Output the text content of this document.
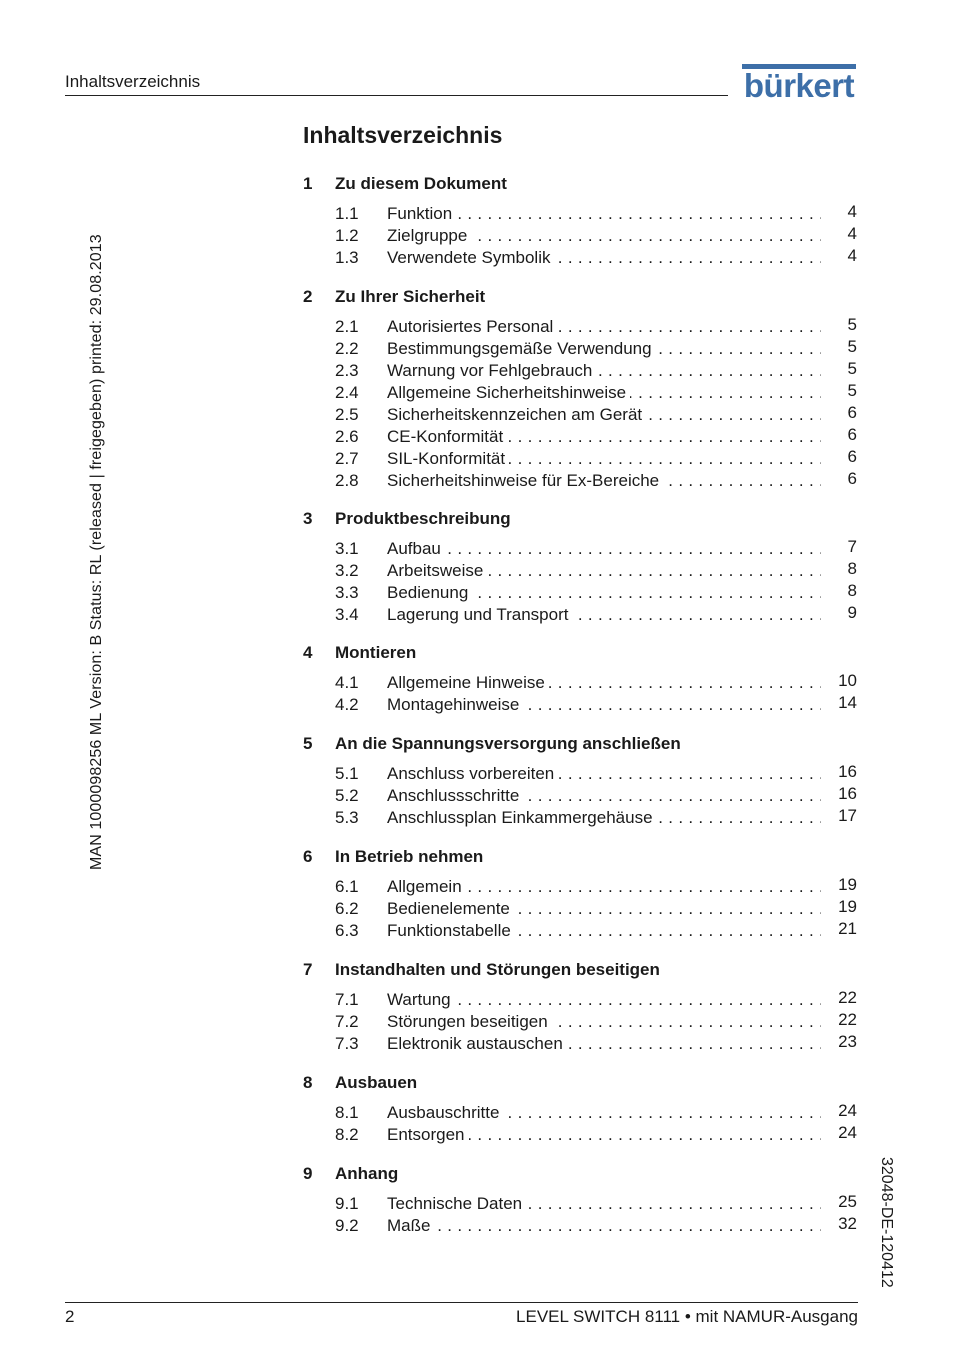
Inhaltsverzeichnis	bürkert
MAN 1000098256 ML Version: B Status: RL (released | freigegeben) printed: 29.08.2013
32048-DE-120412
Inhaltsverzeichnis
1 Zu diesem Dokument
1.1 Funktion . . .	4
1.2 Zielgruppe . . .	4
1.3 Verwendete Symbolik . . .	4
2 Zu Ihrer Sicherheit
2.1 Autorisiertes Personal . . .	5
2.2 Bestimmungsgemäße Verwendung . . .	5
2.3 Warnung vor Fehlgebrauch . . .	5
2.4 Allgemeine Sicherheitshinweise . . .	5
2.5 Sicherheitskennzeichen am Gerät . . .	6
2.6 CE-Konformität . . .	6
2.7 SIL-Konformität . . .	6
2.8 Sicherheitshinweise für Ex-Bereiche . . .	6
3 Produktbeschreibung
3.1 Aufbau . . .	7
3.2 Arbeitsweise . . .	8
3.3 Bedienung . . .	8
3.4 Lagerung und Transport . . .	9
4 Montieren
4.1 Allgemeine Hinweise . . .	10
4.2 Montagehinweise . . .	14
5 An die Spannungsversorgung anschließen
5.1 Anschluss vorbereiten . . .	16
5.2 Anschlussschritte . . .	16
5.3 Anschlussplan Einkammergehäuse . . .	17
6 In Betrieb nehmen
6.1 Allgemein . . .	19
6.2 Bedienelemente . . .	19
6.3 Funktionstabelle . . .	21
7 Instandhalten und Störungen beseitigen
7.1 Wartung . . .	22
7.2 Störungen beseitigen . . .	22
7.3 Elektronik austauschen . . .	23
8 Ausbauen
8.1 Ausbauschritte . . .	24
8.2 Entsorgen . . .	24
9 Anhang
9.1 Technische Daten . . .	25
9.2 Maße . . .	32
2	LEVEL SWITCH 8111 • mit NAMUR-Ausgang
